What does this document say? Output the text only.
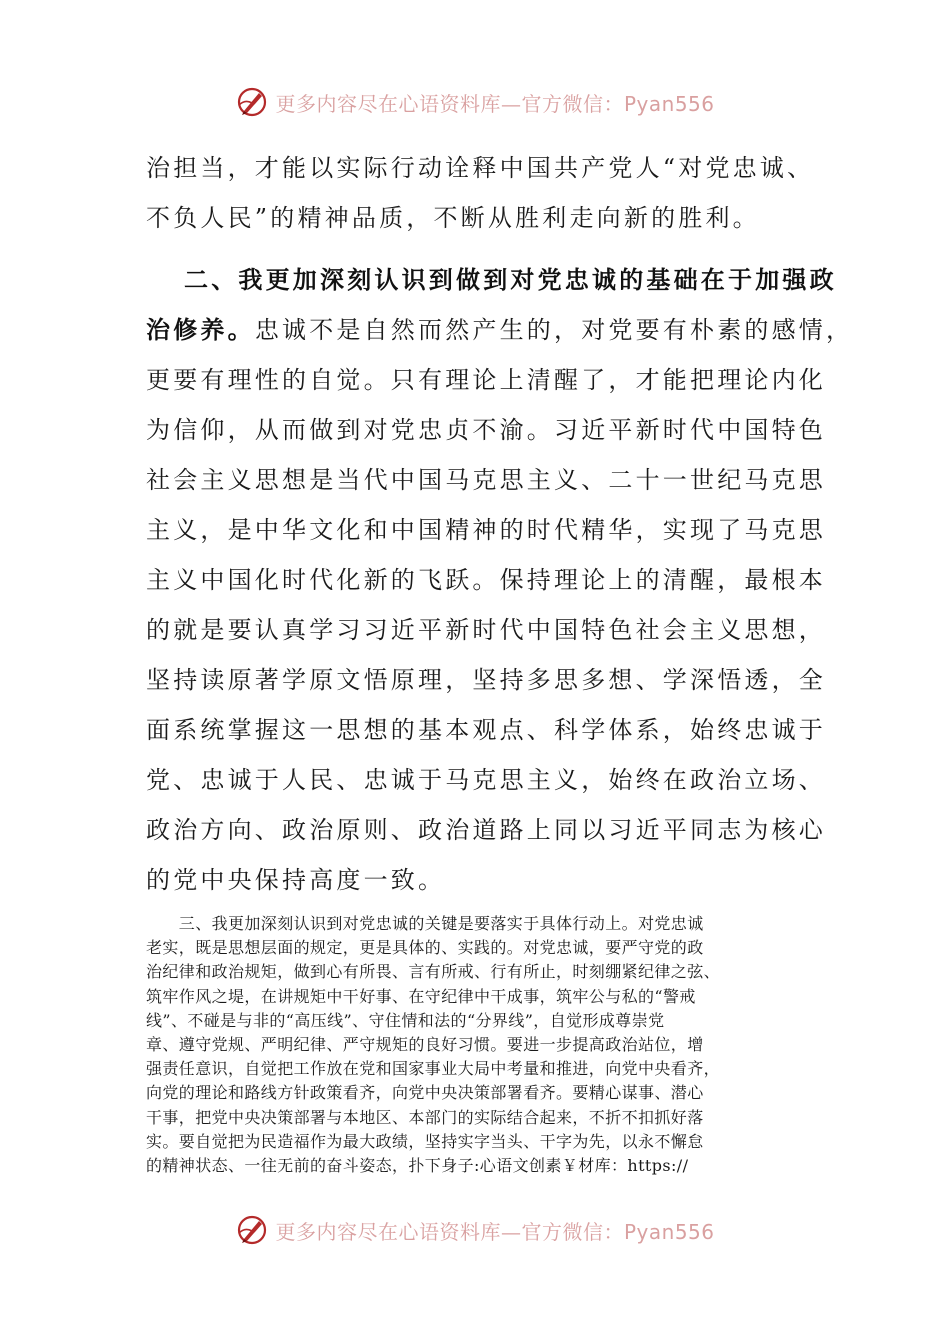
更多内容尽在心语资料库—官方微信：Pyan556
治担当，才能以实际行动诠释中国共产党人“对党忠诚、
不负人民”的精神品质，不断从胜利走向新的胜利。
二、我更加深刻认识到做到对党忠诚的基础在于加强政
治修养。忠诚不是自然而然产生的，对党要有朴素的感情，
更要有理性的自觉。只有理论上清醒了，才能把理论内化
为信仰，从而做到对党忠贞不渝。习近平新时代中国特色
社会主义思想是当代中国马克思主义、二十一世纪马克思
主义，是中华文化和中国精神的时代精华，实现了马克思
主义中国化时代化新的飞跃。保持理论上的清醒，最根本
的就是要认真学习习近平新时代中国特色社会主义思想，
坚持读原著学原文悟原理，坚持多思多想、学深悟透，全
面系统掌握这一思想的基本观点、科学体系，始终忠诚于
党、忠诚于人民、忠诚于马克思主义，始终在政治立场、
政治方向、政治原则、政治道路上同以习近平同志为核心
的党中央保持高度一致。
　　三、我更加深刻认识到对党忠诚的关键是要落实于具体行动上。对党忠诚
老实，既是思想层面的规定，更是具体的、实践的。对党忠诚，要严守党的政
治纪律和政治规矩，做到心有所畏、言有所戒、行有所止，时刻绷紧纪律之弦、
筑牢作风之堤，在讲规矩中干好事、在守纪律中干成事，筑牢公与私的“警戒
线”、不碰是与非的“高压线”、守住情和法的“分界线”，自觉形成尊崇党
章、遵守党规、严明纪律、严守规矩的良好习惯。要进一步提高政治站位，增
强责任意识，自觉把工作放在党和国家事业大局中考量和推进，向党中央看齐，
向党的理论和路线方针政策看齐，向党中央决策部署看齐。要精心谋事、潜心
干事，把党中央决策部署与本地区、本部门的实际结合起来，不折不扣抓好落
实。要自觉把为民造福作为最大政绩，坚持实字当头、干字为先，以永不懈怠
的精神状态、一往无前的奋斗姿态，扑下身子:心语文创素￥材库：https://
更多内容尽在心语资料库—官方微信：Pyan556
